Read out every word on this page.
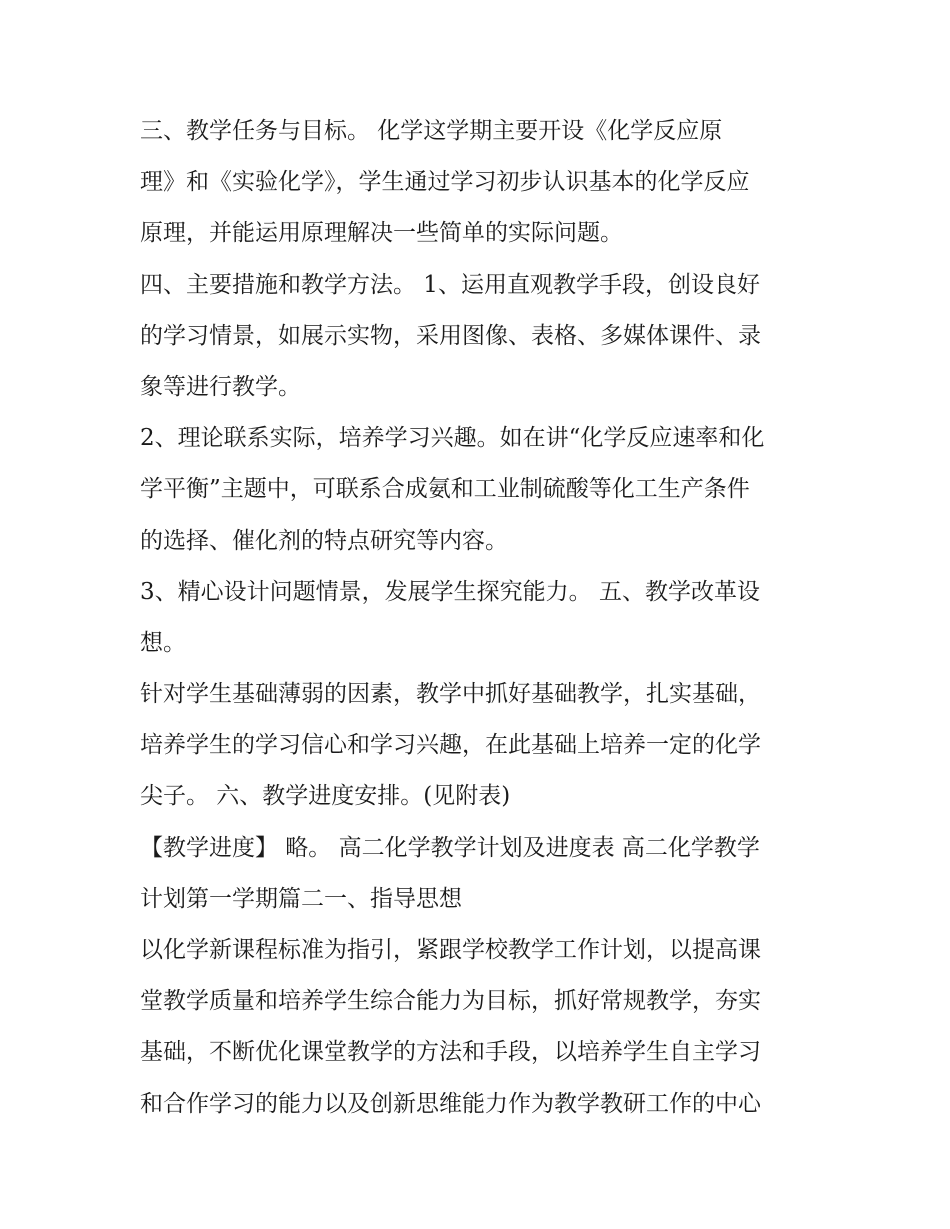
三、教学任务与目标。 化学这学期主要开设《化学反应原
理》和《实验化学》，学生通过学习初步认识基本的化学反应
原理，并能运用原理解决一些简单的实际问题。
四、主要措施和教学方法。 1、运用直观教学手段，创设良好
的学习情景，如展示实物，采用图像、表格、多媒体课件、录
象等进行教学。
2、理论联系实际，培养学习兴趣。如在讲“化学反应速率和化
学平衡”主题中，可联系合成氨和工业制硫酸等化工生产条件
的选择、催化剂的特点研究等内容。
3、精心设计问题情景，发展学生探究能力。 五、教学改革设
想。
针对学生基础薄弱的因素，教学中抓好基础教学，扎实基础，
培养学生的学习信心和学习兴趣，在此基础上培养一定的化学
尖子。 六、教学进度安排。(见附表)
【教学进度】 略。 高二化学教学计划及进度表 高二化学教学
计划第一学期篇二一、指导思想
以化学新课程标准为指引，紧跟学校教学工作计划，以提高课
堂教学质量和培养学生综合能力为目标，抓好常规教学，夯实
基础，不断优化课堂教学的方法和手段，以培养学生自主学习
和合作学习的能力以及创新思维能力作为教学教研工作的中心
